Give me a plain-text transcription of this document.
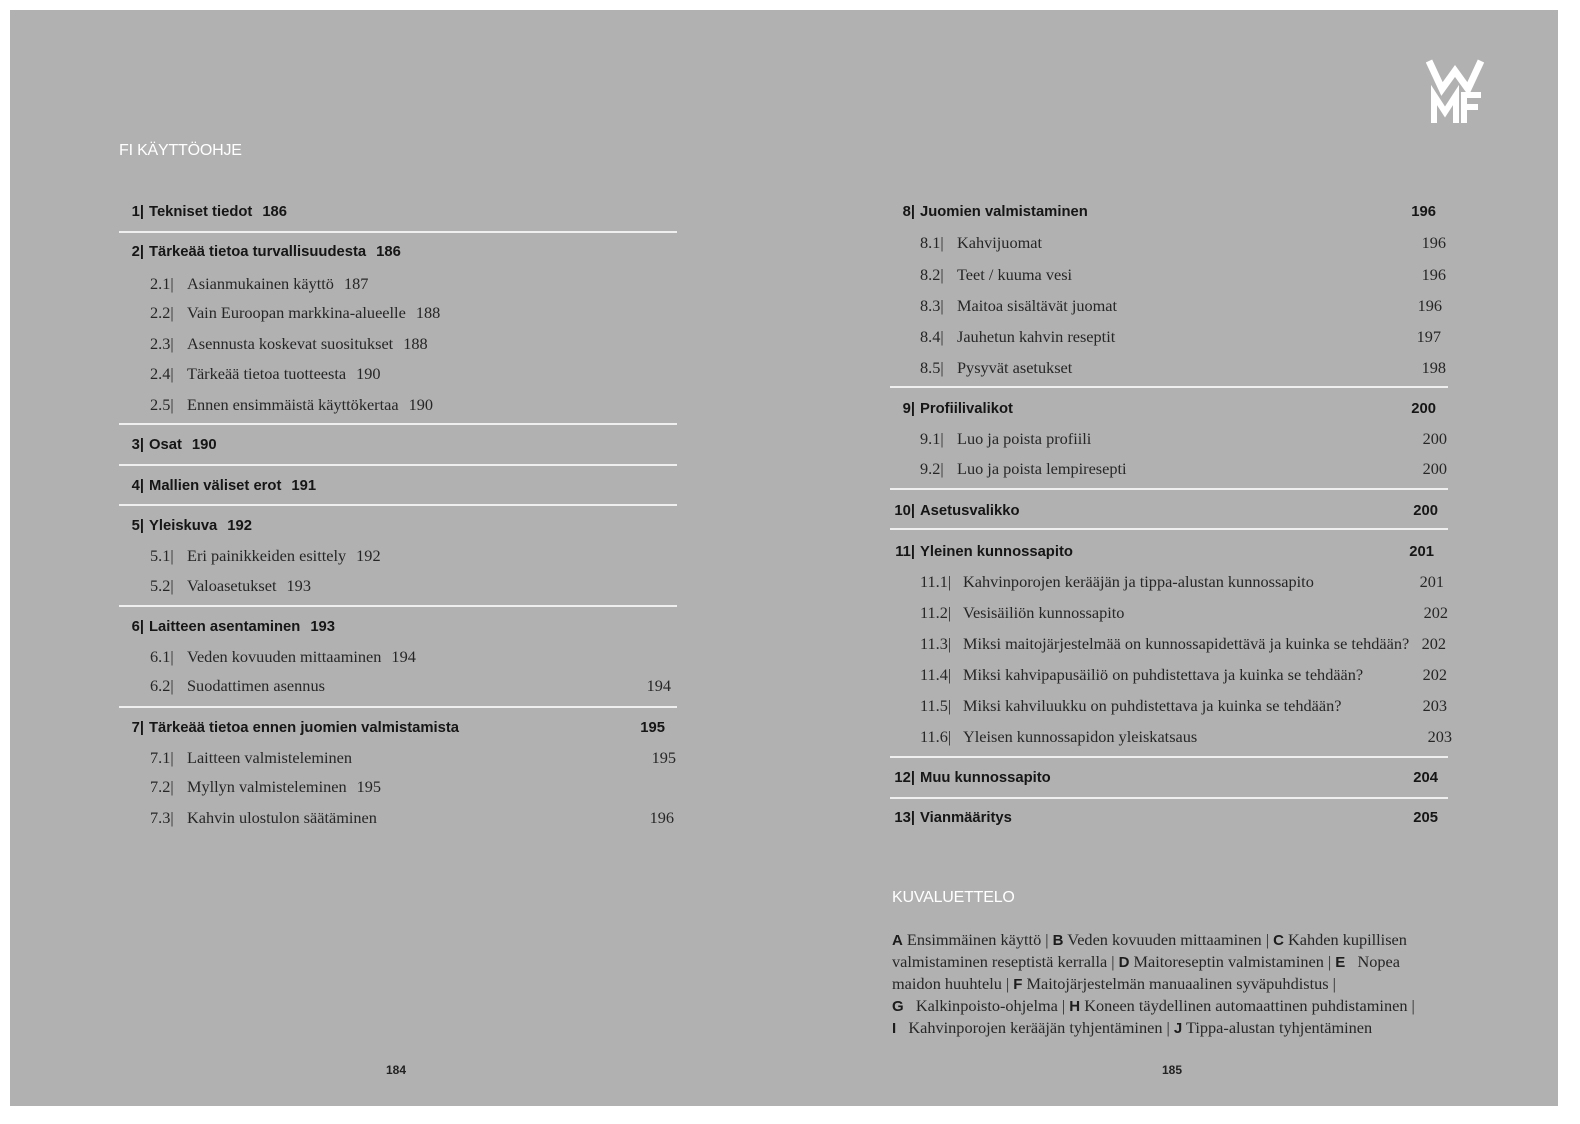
FI KÄYTTÖOHJE
1| Tekniset tiedot 186
2| Tärkeää tietoa turvallisuudesta 186
2.1| Asianmukainen käyttö 187
2.2| Vain Euroopan markkina-alueelle 188
2.3| Asennusta koskevat suositukset 188
2.4| Tärkeää tietoa tuotteesta 190
2.5| Ennen ensimmäistä käyttökertaa 190
3| Osat 190
4| Mallien väliset erot 191
5| Yleiskuva 192
5.1| Eri painikkeiden esittely 192
5.2| Valoasetukset 193
6| Laitteen asentaminen 193
6.1| Veden kovuuden mittaaminen 194
6.2| Suodattimen asennus	194
7| Tärkeää tietoa ennen juomien valmistamista	195
7.1| Laitteen valmisteleminen	195
7.2| Myllyn valmisteleminen 195
7.3| Kahvin ulostulon säätäminen	196
184
8| Juomien valmistaminen	196
8.1| Kahvijuomat	196
8.2| Teet / kuuma vesi	196
8.3| Maitoa sisältävät juomat	196
8.4| Jauhetun kahvin reseptit	197
8.5| Pysyvät asetukset	198
9| Profiilivalikot	200
9.1| Luo ja poista profiili	200
9.2| Luo ja poista lempiresepti	200
10| Asetusvalikko	200
11| Yleinen kunnossapito	201
11.1| Kahvinporojen kerääjän ja tippa-alustan kunnossapito	201
11.2| Vesisäiliön kunnossapito	202
11.3| Miksi maitojärjestelmää on kunnossapidettävä ja kuinka se tehdään? 202
11.4| Miksi kahvipapusäiliö on puhdistettava ja kuinka se tehdään?	202
11.5| Miksi kahviluukku on puhdistettava ja kuinka se tehdään?	203
11.6| Yleisen kunnossapidon yleiskatsaus	203
12| Muu kunnossapito	204
13| Vianmääritys	205
KUVALUETTELO
A Ensimmäinen käyttö | B Veden kovuuden mittaaminen | C Kahden kupillisen
valmistaminen reseptistä kerralla | D Maitoreseptin valmistaminen | E   Nopea
maidon huuhtelu | F Maitojärjestelmän manuaalinen syväpuhdistus |
G   Kalkinpoisto-ohjelma | H Koneen täydellinen automaattinen puhdistaminen |
I   Kahvinporojen kerääjän tyhjentäminen | J Tippa-alustan tyhjentäminen
185
